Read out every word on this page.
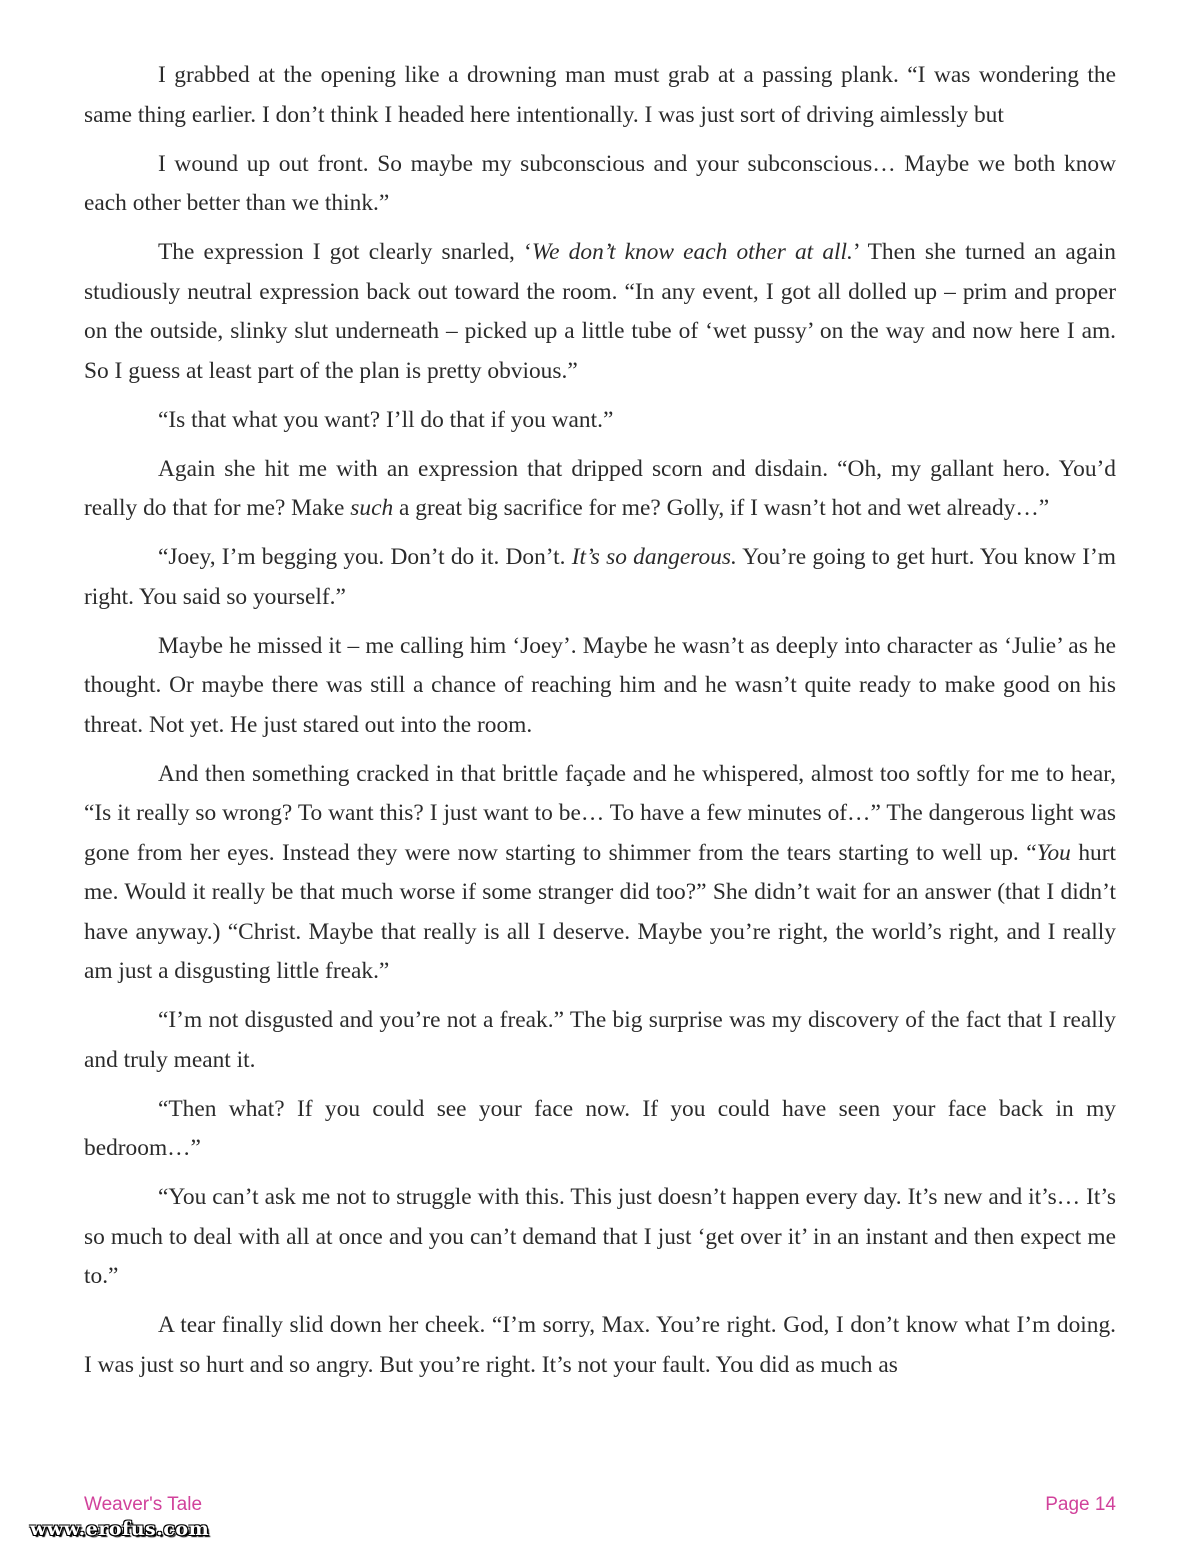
I grabbed at the opening like a drowning man must grab at a passing plank. “I was wondering the same thing earlier. I don’t think I headed here intentionally. I was just sort of driving aimlessly but

I wound up out front. So maybe my subconscious and your subconscious… Maybe we both know each other better than we think.”

The expression I got clearly snarled, ‘We don’t know each other at all.’ Then she turned an again studiously neutral expression back out toward the room. “In any event, I got all dolled up – prim and proper on the outside, slinky slut underneath – picked up a little tube of ‘wet pussy’ on the way and now here I am. So I guess at least part of the plan is pretty obvious.”

“Is that what you want? I’ll do that if you want.”

Again she hit me with an expression that dripped scorn and disdain. “Oh, my gallant hero. You’d really do that for me? Make such a great big sacrifice for me? Golly, if I wasn’t hot and wet already…”

“Joey, I’m begging you. Don’t do it. Don’t. It’s so dangerous. You’re going to get hurt. You know I’m right. You said so yourself.”

Maybe he missed it – me calling him ‘Joey’. Maybe he wasn’t as deeply into character as ‘Julie’ as he thought. Or maybe there was still a chance of reaching him and he wasn’t quite ready to make good on his threat. Not yet. He just stared out into the room.

And then something cracked in that brittle façade and he whispered, almost too softly for me to hear, “Is it really so wrong? To want this? I just want to be… To have a few minutes of…” The dangerous light was gone from her eyes. Instead they were now starting to shimmer from the tears starting to well up. “You hurt me. Would it really be that much worse if some stranger did too?” She didn’t wait for an answer (that I didn’t have anyway.) “Christ. Maybe that really is all I deserve. Maybe you’re right, the world’s right, and I really am just a disgusting little freak.”

“I’m not disgusted and you’re not a freak.” The big surprise was my discovery of the fact that I really and truly meant it.

“Then what? If you could see your face now. If you could have seen your face back in my bedroom…”

“You can’t ask me not to struggle with this. This just doesn’t happen every day. It’s new and it’s… It’s so much to deal with all at once and you can’t demand that I just ‘get over it’ in an instant and then expect me to.”

A tear finally slid down her cheek. “I’m sorry, Max. You’re right. God, I don’t know what I’m doing. I was just so hurt and so angry. But you’re right. It’s not your fault. You did as much as

Weaver's Tale	Page 14
www.erofus.com
